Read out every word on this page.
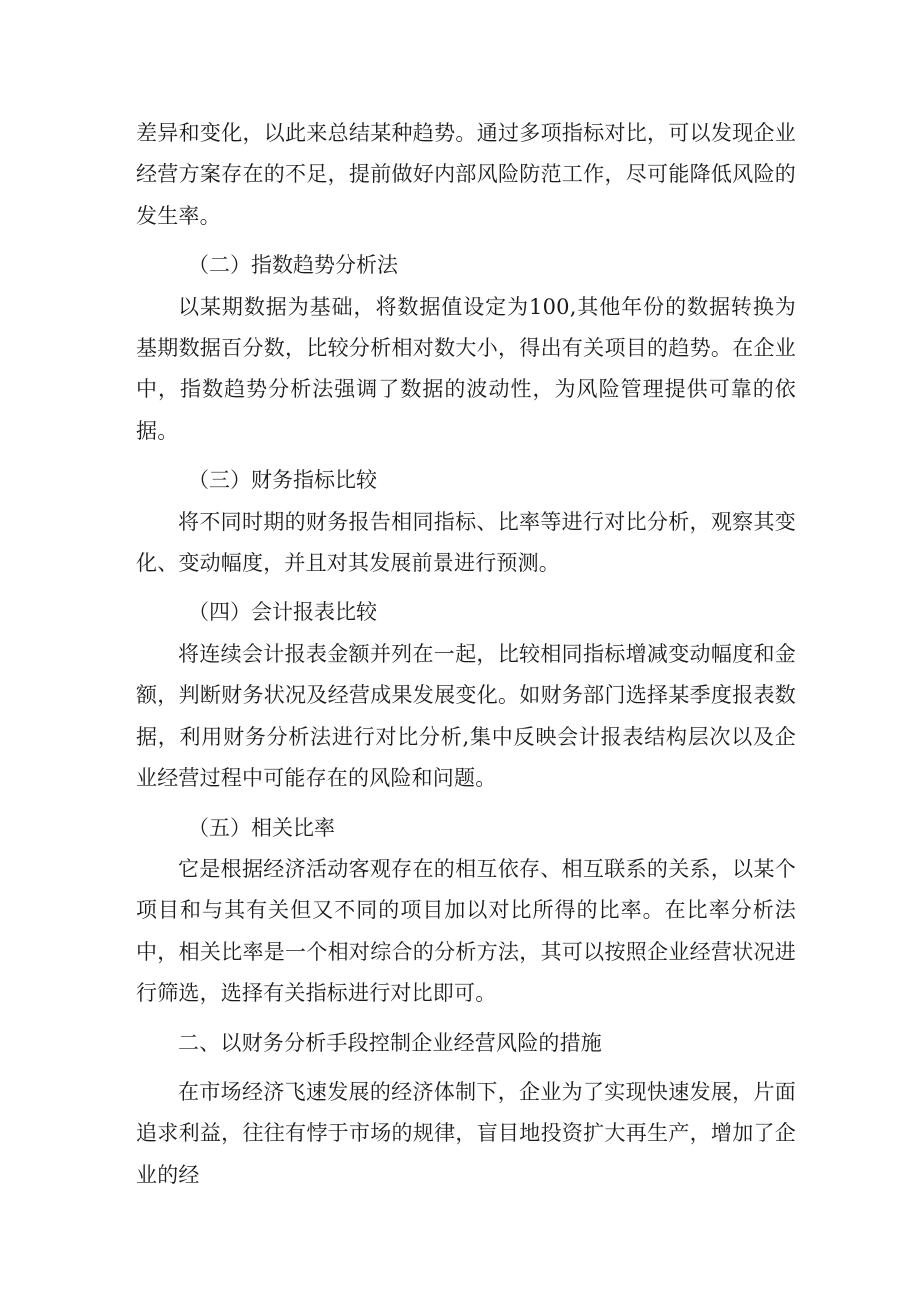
差异和变化，以此来总结某种趋势。通过多项指标对比，可以发现企业经营方案存在的不足，提前做好内部风险防范工作，尽可能降低风险的发生率。

（二）指数趋势分析法

以某期数据为基础，将数据值设定为100,其他年份的数据转换为基期数据百分数，比较分析相对数大小，得出有关项目的趋势。在企业中，指数趋势分析法强调了数据的波动性，为风险管理提供可靠的依据。

（三）财务指标比较

将不同时期的财务报告相同指标、比率等进行对比分析，观察其变化、变动幅度，并且对其发展前景进行预测。

（四）会计报表比较

将连续会计报表金额并列在一起，比较相同指标增减变动幅度和金额，判断财务状况及经营成果发展变化。如财务部门选择某季度报表数据，利用财务分析法进行对比分析,集中反映会计报表结构层次以及企业经营过程中可能存在的风险和问题。

（五）相关比率

它是根据经济活动客观存在的相互依存、相互联系的关系，以某个项目和与其有关但又不同的项目加以对比所得的比率。在比率分析法中，相关比率是一个相对综合的分析方法，其可以按照企业经营状况进行筛选，选择有关指标进行对比即可。

二、以财务分析手段控制企业经营风险的措施

在市场经济飞速发展的经济体制下，企业为了实现快速发展，片面追求利益，往往有悖于市场的规律，盲目地投资扩大再生产，增加了企业的经
